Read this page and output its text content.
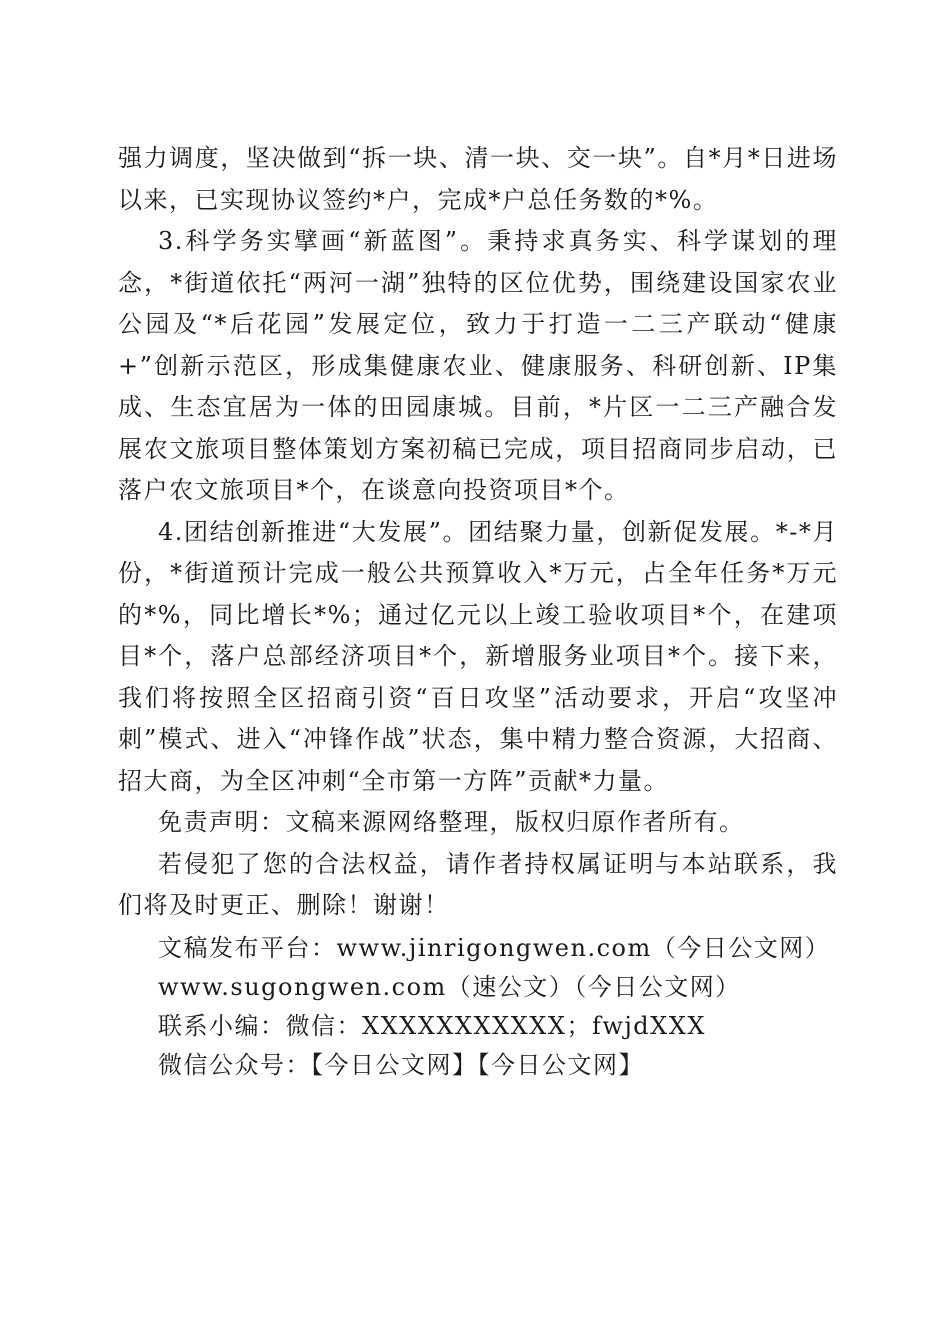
强力调度，坚决做到“拆一块、清一块、交一块”。自*月*日进场以来，已实现协议签约*户，完成*户总任务数的*%。

3.科学务实擘画“新蓝图”。秉持求真务实、科学谋划的理念，*街道依托“两河一湖”独特的区位优势，围绕建设国家农业公园及“*后花园”发展定位，致力于打造一二三产联动“健康+”创新示范区，形成集健康农业、健康服务、科研创新、IP集成、生态宜居为一体的田园康城。目前，*片区一二三产融合发展农文旅项目整体策划方案初稿已完成，项目招商同步启动，已落户农文旅项目*个，在谈意向投资项目*个。

4.团结创新推进“大发展”。团结聚力量，创新促发展。*-*月份，*街道预计完成一般公共预算收入*万元，占全年任务*万元的*%，同比增长*%；通过亿元以上竣工验收项目*个，在建项目*个，落户总部经济项目*个，新增服务业项目*个。接下来，我们将按照全区招商引资“百日攻坚”活动要求，开启“攻坚冲刺”模式、进入“冲锋作战”状态，集中精力整合资源，大招商、招大商，为全区冲刺“全市第一方阵”贡献*力量。

免责声明：文稿来源网络整理，版权归原作者所有。

若侵犯了您的合法权益，请作者持权属证明与本站联系，我们将及时更正、删除！谢谢！

文稿发布平台：www.jinrigongwen.com（今日公文网）

www.sugongwen.com（速公文）（今日公文网）

联系小编：微信：XXXXXXXXXXX；fwjdXXX

微信公众号：【今日公文网】【今日公文网】
